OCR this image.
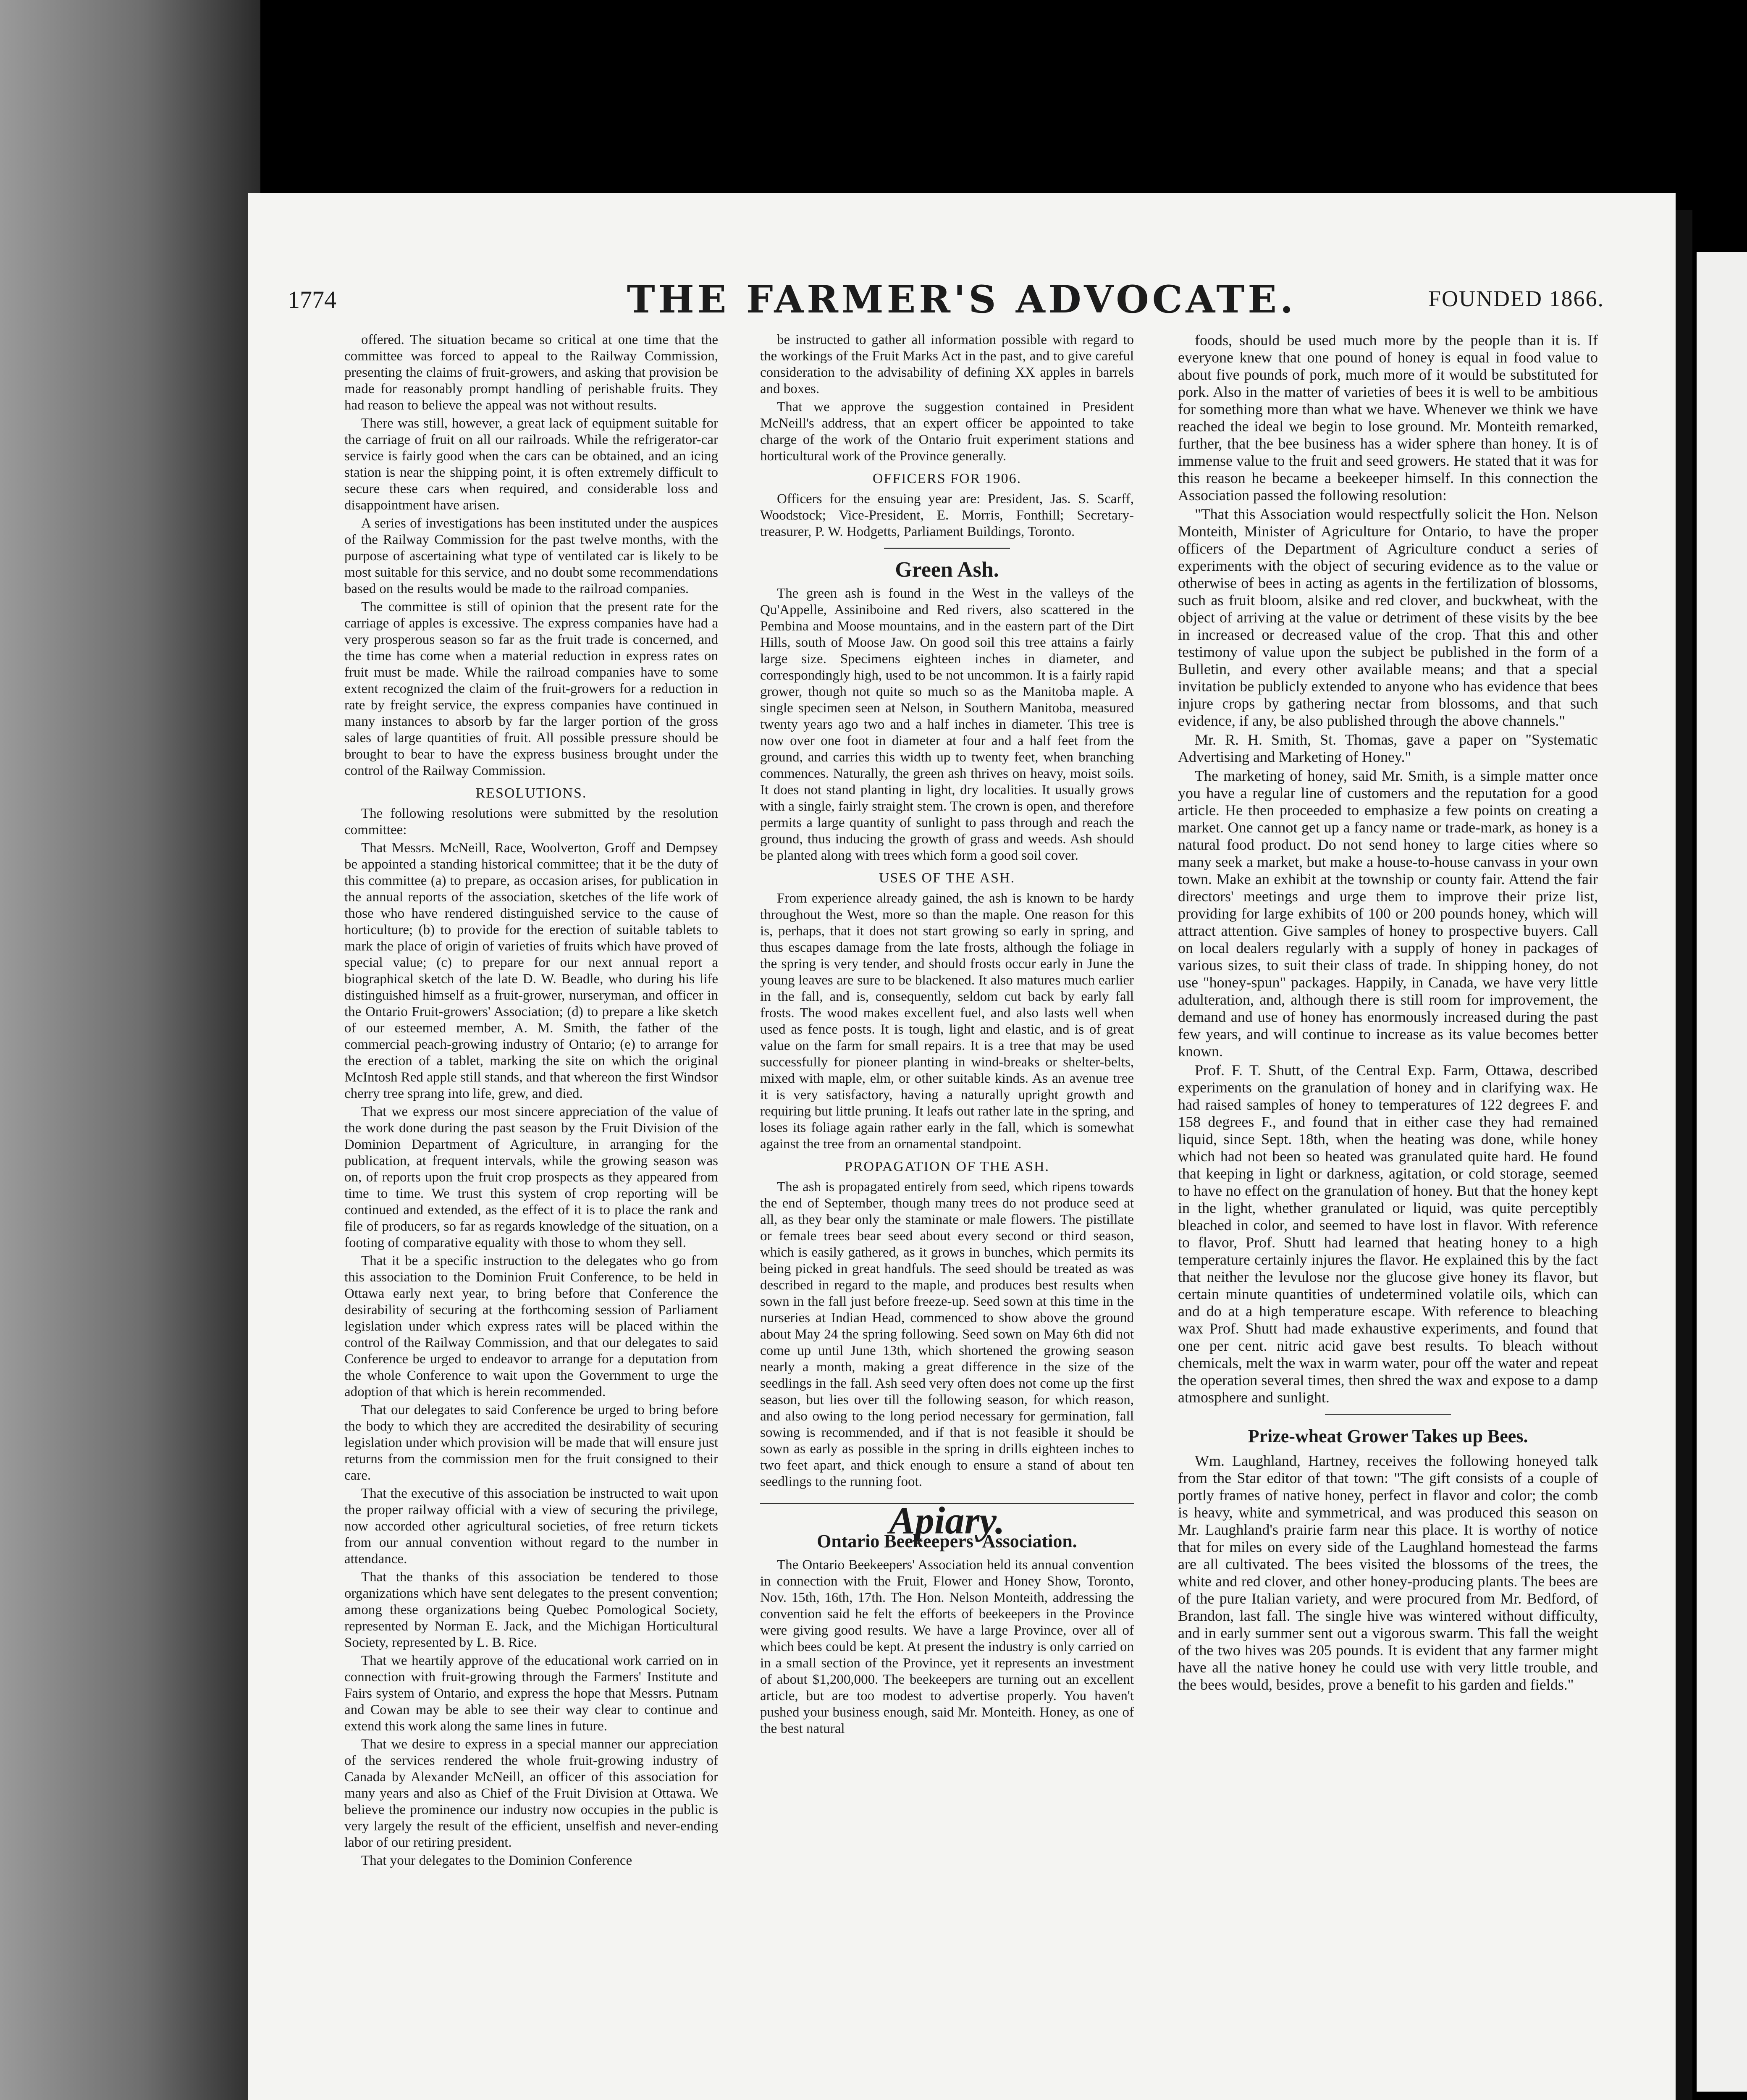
1774	THE FARMER'S ADVOCATE.	FOUNDED 1866.

offered. The situation became so critical at one time that the committee was forced to appeal to the Railway Commission, presenting the claims of fruit-growers, and asking that provision be made for reasonably prompt handling of perishable fruits. They had reason to believe the appeal was not without results.

There was still, however, a great lack of equipment suitable for the carriage of fruit on all our railroads. While the refrigerator-car service is fairly good when the cars can be obtained, and an icing station is near the shipping point, it is often extremely difficult to secure these cars when required, and considerable loss and disappointment have arisen.

A series of investigations has been instituted under the auspices of the Railway Commission for the past twelve months, with the purpose of ascertaining what type of ventilated car is likely to be most suitable for this service, and no doubt some recommendations based on the results would be made to the railroad companies.

The committee is still of opinion that the present rate for the carriage of apples is excessive. The express companies have had a very prosperous season so far as the fruit trade is concerned, and the time has come when a material reduction in express rates on fruit must be made. While the railroad companies have to some extent recognized the claim of the fruit-growers for a reduction in rate by freight service, the express companies have continued in many instances to absorb by far the larger portion of the gross sales of large quantities of fruit. All possible pressure should be brought to bear to have the express business brought under the control of the Railway Commission.

RESOLUTIONS.

The following resolutions were submitted by the resolution committee:

That Messrs. McNeill, Race, Woolverton, Groff and Dempsey be appointed a standing historical committee; that it be the duty of this committee (a) to prepare, as occasion arises, for publication in the annual reports of the association, sketches of the life work of those who have rendered distinguished service to the cause of horticulture; (b) to provide for the erection of suitable tablets to mark the place of origin of varieties of fruits which have proved of special value; (c) to prepare for our next annual report a biographical sketch of the late D. W. Beadle, who during his life distinguished himself as a fruit-grower, nurseryman, and officer in the Ontario Fruit-growers' Association; (d) to prepare a like sketch of our esteemed member, A. M. Smith, the father of the commercial peach-growing industry of Ontario; (e) to arrange for the erection of a tablet, marking the site on which the original McIntosh Red apple still stands, and that whereon the first Windsor cherry tree sprang into life, grew, and died.

That we express our most sincere appreciation of the value of the work done during the past season by the Fruit Division of the Dominion Department of Agriculture, in arranging for the publication, at frequent intervals, while the growing season was on, of reports upon the fruit crop prospects as they appeared from time to time. We trust this system of crop reporting will be continued and extended, as the effect of it is to place the rank and file of producers, so far as regards knowledge of the situation, on a footing of comparative equality with those to whom they sell.

That it be a specific instruction to the delegates who go from this association to the Dominion Fruit Conference, to be held in Ottawa early next year, to bring before that Conference the desirability of securing at the forthcoming session of Parliament legislation under which express rates will be placed within the control of the Railway Commission, and that our delegates to said Conference be urged to endeavor to arrange for a deputation from the whole Conference to wait upon the Government to urge the adoption of that which is herein recommended.

That our delegates to said Conference be urged to bring before the body to which they are accredited the desirability of securing legislation under which provision will be made that will ensure just returns from the commission men for the fruit consigned to their care.

That the executive of this association be instructed to wait upon the proper railway official with a view of securing the privilege, now accorded other agricultural societies, of free return tickets from our annual convention without regard to the number in attendance.

That the thanks of this association be tendered to those organizations which have sent delegates to the present convention; among these organizations being Quebec Pomological Society, represented by Norman E. Jack, and the Michigan Horticultural Society, represented by L. B. Rice.

That we heartily approve of the educational work carried on in connection with fruit-growing through the Farmers' Institute and Fairs system of Ontario, and express the hope that Messrs. Putnam and Cowan may be able to see their way clear to continue and extend this work along the same lines in future.

That we desire to express in a special manner our appreciation of the services rendered the whole fruit-growing industry of Canada by Alexander McNeill, an officer of this association for many years and also as Chief of the Fruit Division at Ottawa. We believe the prominence our industry now occupies in the public is very largely the result of the efficient, unselfish and never-ending labor of our retiring president.

That your delegates to the Dominion Conference

be instructed to gather all information possible with regard to the workings of the Fruit Marks Act in the past, and to give careful consideration to the advisability of defining XX apples in barrels and boxes.

That we approve the suggestion contained in President McNeill's address, that an expert officer be appointed to take charge of the work of the Ontario fruit experiment stations and horticultural work of the Province generally.

OFFICERS FOR 1906.

Officers for the ensuing year are: President, Jas. S. Scarff, Woodstock; Vice-President, E. Morris, Fonthill; Secretary-treasurer, P. W. Hodgetts, Parliament Buildings, Toronto.

Green Ash.

The green ash is found in the West in the valleys of the Qu'Appelle, Assiniboine and Red rivers, also scattered in the Pembina and Moose mountains, and in the eastern part of the Dirt Hills, south of Moose Jaw. On good soil this tree attains a fairly large size. Specimens eighteen inches in diameter, and correspondingly high, used to be not uncommon. It is a fairly rapid grower, though not quite so much so as the Manitoba maple. A single specimen seen at Nelson, in Southern Manitoba, measured twenty years ago two and a half inches in diameter. This tree is now over one foot in diameter at four and a half feet from the ground, and carries this width up to twenty feet, when branching commences. Naturally, the green ash thrives on heavy, moist soils. It does not stand planting in light, dry localities. It usually grows with a single, fairly straight stem. The crown is open, and therefore permits a large quantity of sunlight to pass through and reach the ground, thus inducing the growth of grass and weeds. Ash should be planted along with trees which form a good soil cover.

USES OF THE ASH.

From experience already gained, the ash is known to be hardy throughout the West, more so than the maple. One reason for this is, perhaps, that it does not start growing so early in spring, and thus escapes damage from the late frosts, although the foliage in the spring is very tender, and should frosts occur early in June the young leaves are sure to be blackened. It also matures much earlier in the fall, and is, consequently, seldom cut back by early fall frosts. The wood makes excellent fuel, and also lasts well when used as fence posts. It is tough, light and elastic, and is of great value on the farm for small repairs. It is a tree that may be used successfully for pioneer planting in wind-breaks or shelter-belts, mixed with maple, elm, or other suitable kinds. As an avenue tree it is very satisfactory, having a naturally upright growth and requiring but little pruning. It leafs out rather late in the spring, and loses its foliage again rather early in the fall, which is somewhat against the tree from an ornamental standpoint.

PROPAGATION OF THE ASH.

The ash is propagated entirely from seed, which ripens towards the end of September, though many trees do not produce seed at all, as they bear only the staminate or male flowers. The pistillate or female trees bear seed about every second or third season, which is easily gathered, as it grows in bunches, which permits its being picked in great handfuls. The seed should be treated as was described in regard to the maple, and produces best results when sown in the fall just before freeze-up. Seed sown at this time in the nurseries at Indian Head, commenced to show above the ground about May 24 the spring following. Seed sown on May 6th did not come up until June 13th, which shortened the growing season nearly a month, making a great difference in the size of the seedlings in the fall. Ash seed very often does not come up the first season, but lies over till the following season, for which reason, and also owing to the long period necessary for germination, fall sowing is recommended, and if that is not feasible it should be sown as early as possible in the spring in drills eighteen inches to two feet apart, and thick enough to ensure a stand of about ten seedlings to the running foot.

Apiary.
Ontario Beekeepers' Association.

The Ontario Beekeepers' Association held its annual convention in connection with the Fruit, Flower and Honey Show, Toronto, Nov. 15th, 16th, 17th. The Hon. Nelson Monteith, addressing the convention said he felt the efforts of beekeepers in the Province were giving good results. We have a large Province, over all of which bees could be kept. At present the industry is only carried on in a small section of the Province, yet it represents an investment of about $1,200,000. The beekeepers are turning out an excellent article, but are too modest to advertise properly. You haven't pushed your business enough, said Mr. Monteith. Honey, as one of the best natural

foods, should be used much more by the people than it is. If everyone knew that one pound of honey is equal in food value to about five pounds of pork, much more of it would be substituted for pork. Also in the matter of varieties of bees it is well to be ambitious for something more than what we have. Whenever we think we have reached the ideal we begin to lose ground. Mr. Monteith remarked, further, that the bee business has a wider sphere than honey. It is of immense value to the fruit and seed growers. He stated that it was for this reason he became a beekeeper himself. In this connection the Association passed the following resolution:

"That this Association would respectfully solicit the Hon. Nelson Monteith, Minister of Agriculture for Ontario, to have the proper officers of the Department of Agriculture conduct a series of experiments with the object of securing evidence as to the value or otherwise of bees in acting as agents in the fertilization of blossoms, such as fruit bloom, alsike and red clover, and buckwheat, with the object of arriving at the value or detriment of these visits by the bee in increased or decreased value of the crop. That this and other testimony of value upon the subject be published in the form of a Bulletin, and every other available means; and that a special invitation be publicly extended to anyone who has evidence that bees injure crops by gathering nectar from blossoms, and that such evidence, if any, be also published through the above channels."

Mr. R. H. Smith, St. Thomas, gave a paper on "Systematic Advertising and Marketing of Honey."

The marketing of honey, said Mr. Smith, is a simple matter once you have a regular line of customers and the reputation for a good article. He then proceeded to emphasize a few points on creating a market. One cannot get up a fancy name or trade-mark, as honey is a natural food product. Do not send honey to large cities where so many seek a market, but make a house-to-house canvass in your own town. Make an exhibit at the township or county fair. Attend the fair directors' meetings and urge them to improve their prize list, providing for large exhibits of 100 or 200 pounds honey, which will attract attention. Give samples of honey to prospective buyers. Call on local dealers regularly with a supply of honey in packages of various sizes, to suit their class of trade. In shipping honey, do not use "honey-spun" packages. Happily, in Canada, we have very little adulteration, and, although there is still room for improvement, the demand and use of honey has enormously increased during the past few years, and will continue to increase as its value becomes better known.

Prof. F. T. Shutt, of the Central Exp. Farm, Ottawa, described experiments on the granulation of honey and in clarifying wax. He had raised samples of honey to temperatures of 122 degrees F. and 158 degrees F., and found that in either case they had remained liquid, since Sept. 18th, when the heating was done, while honey which had not been so heated was granulated quite hard. He found that keeping in light or darkness, agitation, or cold storage, seemed to have no effect on the granulation of honey. But that the honey kept in the light, whether granulated or liquid, was quite perceptibly bleached in color, and seemed to have lost in flavor. With reference to flavor, Prof. Shutt had learned that heating honey to a high temperature certainly injures the flavor. He explained this by the fact that neither the levulose nor the glucose give honey its flavor, but certain minute quantities of undetermined volatile oils, which can and do at a high temperature escape. With reference to bleaching wax Prof. Shutt had made exhaustive experiments, and found that one per cent. nitric acid gave best results. To bleach without chemicals, melt the wax in warm water, pour off the water and repeat the operation several times, then shred the wax and expose to a damp atmosphere and sunlight.

Prize-wheat Grower Takes up Bees.

Wm. Laughland, Hartney, receives the following honeyed talk from the Star editor of that town: "The gift consists of a couple of portly frames of native honey, perfect in flavor and color; the comb is heavy, white and symmetrical, and was produced this season on Mr. Laughland's prairie farm near this place. It is worthy of notice that for miles on every side of the Laughland homestead the farms are all cultivated. The bees visited the blossoms of the trees, the white and red clover, and other honey-producing plants. The bees are of the pure Italian variety, and were procured from Mr. Bedford, of Brandon, last fall. The single hive was wintered without difficulty, and in early summer sent out a vigorous swarm. This fall the weight of the two hives was 205 pounds. It is evident that any farmer might have all the native honey he could use with very little trouble, and the bees would, besides, prove a benefit to his garden and fields."
